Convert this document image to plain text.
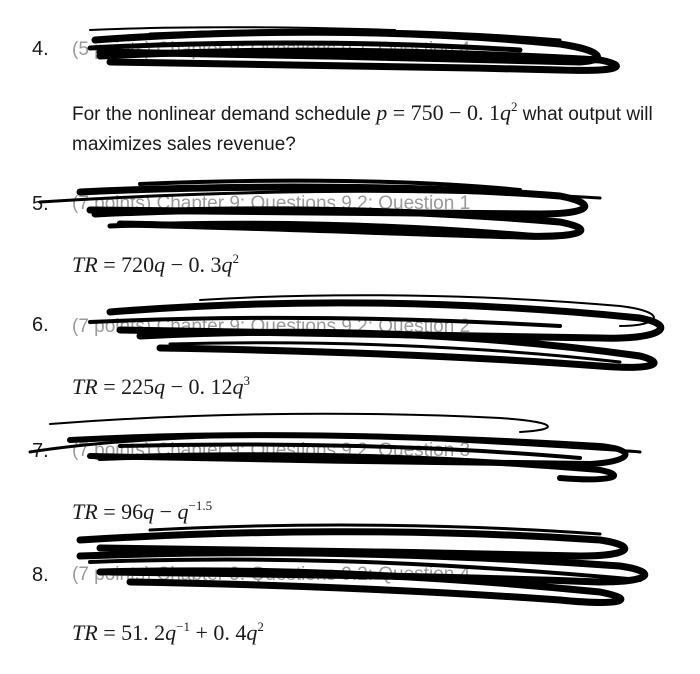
4. (5 points) Chapter 9: Questions 9.1: Question 4
For the nonlinear demand schedule p = 750 − 0. $1q^2$ what output will maximizes sales revenue?
5. (7 points) Chapter 9: Questions 9.2: Question 1
TR = 720q − 0. $3q^2$
6. (7 points) Chapter 9: Questions 9.2: Question 2
TR = 225q − 0. $12q^3$
7. (7 points) Chapter 9: Questions 9.2: Question 3
TR = $96q - q^{-1.5}$
8. (7 points) Chapter 9: Questions 9.2: Question 4
TR = 51. $2q^{-1} + 0$. $4q^2$
